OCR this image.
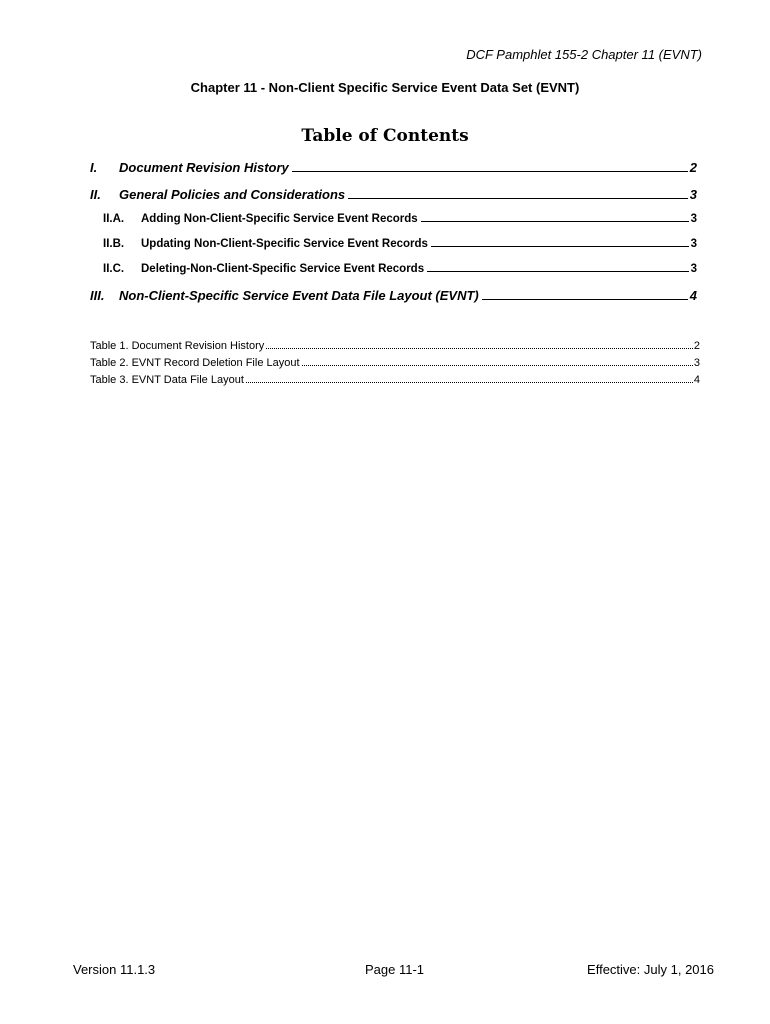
DCF Pamphlet 155-2 Chapter 11 (EVNT)
Chapter 11 - Non-Client Specific Service Event Data Set (EVNT)
Table of Contents
I.	Document Revision History	2
II.	General Policies and Considerations	3
II.A.	Adding Non-Client-Specific Service Event Records	3
II.B.	Updating Non-Client-Specific Service Event Records	3
II.C.	Deleting-Non-Client-Specific Service Event Records	3
III.	Non-Client-Specific Service Event Data File Layout (EVNT)	4
Table 1. Document Revision History	2
Table 2. EVNT Record Deletion File Layout	3
Table 3. EVNT Data File Layout	4
Version 11.1.3	Page 11-1	Effective: July 1, 2016
